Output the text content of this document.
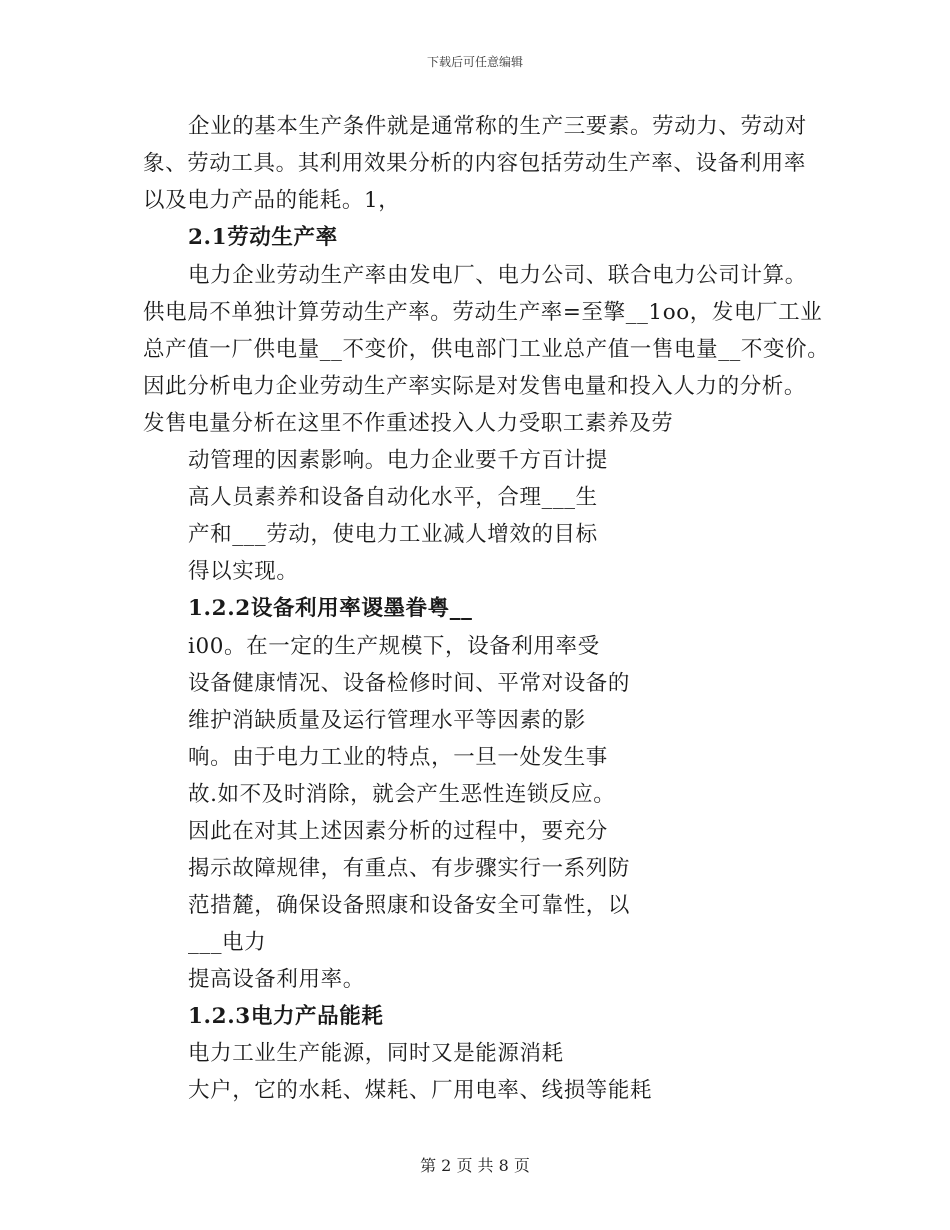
下载后可任意编辑
企业的基本生产条件就是通常称的生产三要素。劳动力、劳动对
象、劳动工具。其利用效果分析的内容包括劳动生产率、设备利用率
以及电力产品的能耗。1，
2.1劳动生产率
电力企业劳动生产率由发电厂、电力公司、联合电力公司计算。
供电局不单独计算劳动生产率。劳动生产率=至擎__1oo，发电厂工业
总产值一厂供电量__不变价，供电部门工业总产值一售电量__不变价。
因此分析电力企业劳动生产率实际是对发售电量和投入人力的分析。
发售电量分析在这里不作重述投入人力受职工素养及劳
动管理的因素影响。电力企业要千方百计提
高人员素养和设备自动化水平，合理___生
产和___劳动，使电力工业减人增效的目标
得以实现。
1.2.2设备利用率谡墨眷粤__
i00。在一定的生产规模下，设备利用率受
设备健康情况、设备检修时间、平常对设备的
维护消缺质量及运行管理水平等因素的影
响。由于电力工业的特点，一旦一处发生事
故.如不及时消除，就会产生恶性连锁反应。
因此在对其上述因素分析的过程中，要充分
揭示故障规律，有重点、有步骤实行一系列防
范措麓，确保设备照康和设备安全可靠性，以
___电力
提高设备利用率。
1.2.3电力产品能耗
电力工业生产能源，同时又是能源消耗
大户，它的水耗、煤耗、厂用电率、线损等能耗
第 2 页 共 8 页
